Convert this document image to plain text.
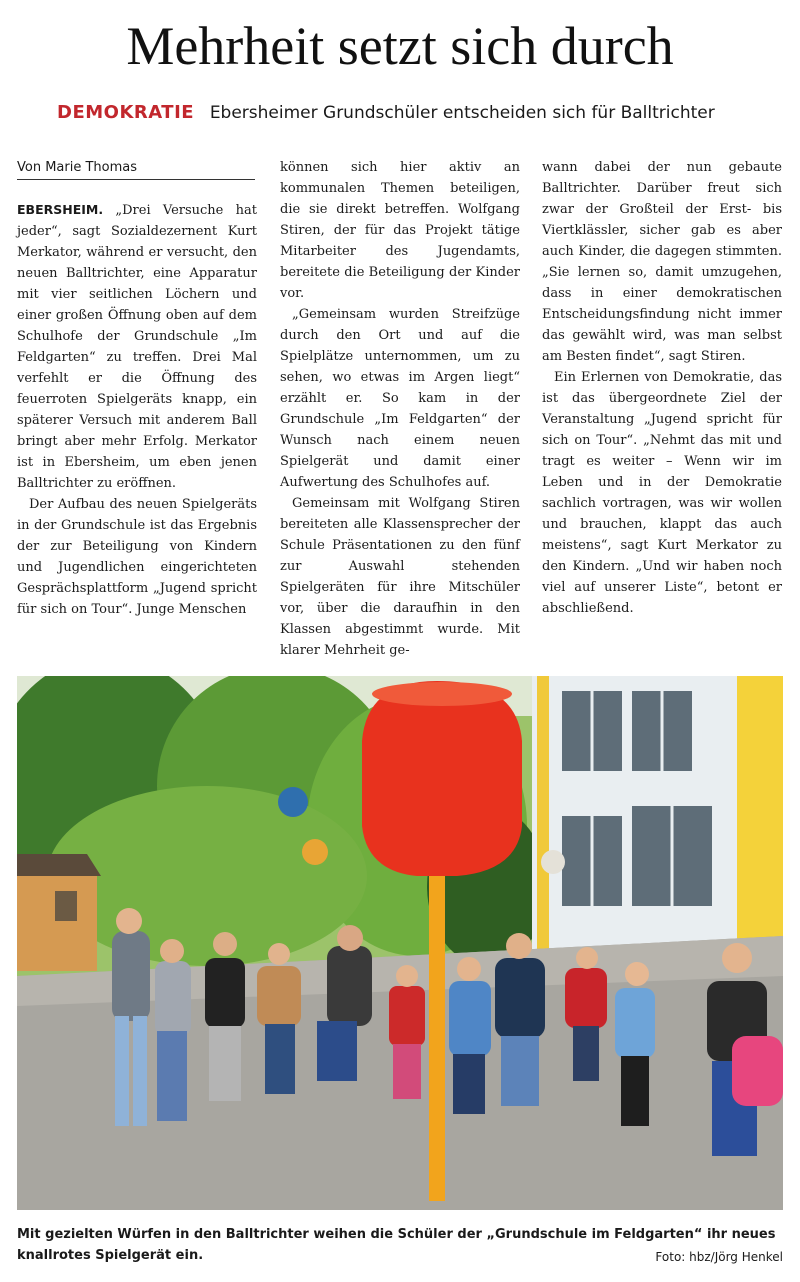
Mehrheit setzt sich durch
DEMOKRATIE Ebersheimer Grundschüler entscheiden sich für Balltrichter
Von Marie Thomas

EBERSHEIM. „Drei Versuche hat jeder“, sagt Sozialdezernent Kurt Merkator, während er versucht, den neuen Balltrichter, eine Apparatur mit vier seitlichen Löchern und einer großen Öffnung oben auf dem Schulhofe der Grundschule „Im Feldgarten“ zu treffen. Drei Mal verfehlt er die Öffnung des feuerroten Spielgeräts knapp, ein späterer Versuch mit anderem Ball bringt aber mehr Erfolg. Merkator ist in Ebersheim, um eben jenen Balltrichter zu eröffnen.

Der Aufbau des neuen Spielgeräts in der Grundschule ist das Ergebnis der zur Beteiligung von Kindern und Jugendlichen eingerichteten Gesprächsplattform „Jugend spricht für sich on Tour“. Junge Menschen

können sich hier aktiv an kommunalen Themen beteiligen, die sie direkt betreffen. Wolfgang Stiren, der für das Projekt tätige Mitarbeiter des Jugendamts, bereitete die Beteiligung der Kinder vor.

„Gemeinsam wurden Streifzüge durch den Ort und auf die Spielplätze unternommen, um zu sehen, wo etwas im Argen liegt“ erzählt er. So kam in der Grundschule „Im Feldgarten“ der Wunsch nach einem neuen Spielgerät und damit einer Aufwertung des Schulhofes auf.

Gemeinsam mit Wolfgang Stiren bereiteten alle Klassensprecher der Schule Präsentationen zu den fünf zur Auswahl stehenden Spielgeräten für ihre Mitschüler vor, über die daraufhin in den Klassen abgestimmt wurde. Mit klarer Mehrheit ge-

wann dabei der nun gebaute Balltrichter. Darüber freut sich zwar der Großteil der Erst- bis Viertklässler, sicher gab es aber auch Kinder, die dagegen stimmten. „Sie lernen so, damit umzugehen, dass in einer demokratischen Entscheidungsfindung nicht immer das gewählt wird, was man selbst am Besten findet“, sagt Stiren.

Ein Erlernen von Demokratie, das ist das übergeordnete Ziel der Veranstaltung „Jugend spricht für sich on Tour“. „Nehmt das mit und tragt es weiter – Wenn wir im Leben und in der Demokratie sachlich vortragen, was wir wollen und brauchen, klappt das auch meistens“, sagt Kurt Merkator zu den Kindern. „Und wir haben noch viel auf unserer Liste“, betont er abschließend.

Mit gezielten Würfen in den Balltrichter weihen die Schüler der „Grundschule im Feldgarten“ ihr neues knallrotes Spielgerät ein.	Foto: hbz/Jörg Henkel
